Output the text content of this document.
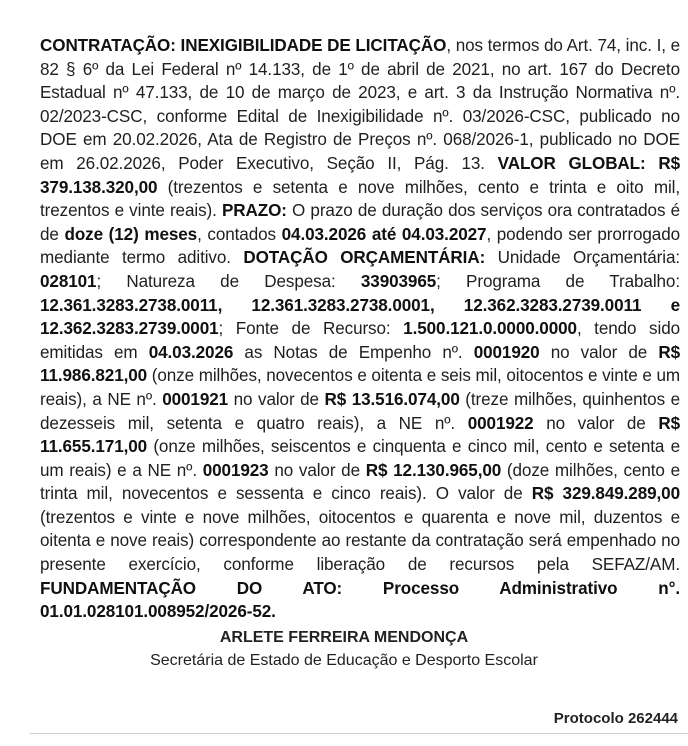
CONTRATAÇÃO: INEXIGIBILIDADE DE LICITAÇÃO, nos termos do Art. 74, inc. I, e 82 § 6º da Lei Federal nº 14.133, de 1º de abril de 2021, no art. 167 do Decreto Estadual nº 47.133, de 10 de março de 2023, e art. 3 da Instrução Normativa nº. 02/2023-CSC, conforme Edital de Inexigibilidade nº. 03/2026-CSC, publicado no DOE em 20.02.2026, Ata de Registro de Preços nº. 068/2026-1, publicado no DOE em 26.02.2026, Poder Executivo, Seção II, Pág. 13. VALOR GLOBAL: R$ 379.138.320,00 (trezentos e setenta e nove milhões, cento e trinta e oito mil, trezentos e vinte reais). PRAZO: O prazo de duração dos serviços ora contratados é de doze (12) meses, contados 04.03.2026 até 04.03.2027, podendo ser prorrogado mediante termo aditivo. DOTAÇÃO ORÇAMENTÁRIA: Unidade Orçamentária: 028101; Natureza de Despesa: 33903965; Programa de Trabalho: 12.361.3283.2738.0011, 12.361.3283.2738.0001, 12.362.3283.2739.0011 e 12.362.3283.2739.0001; Fonte de Recurso: 1.500.121.0.0000.0000, tendo sido emitidas em 04.03.2026 as Notas de Empenho nº. 0001920 no valor de R$ 11.986.821,00 (onze milhões, novecentos e oitenta e seis mil, oitocentos e vinte e um reais), a NE nº. 0001921 no valor de R$ 13.516.074,00 (treze milhões, quinhentos e dezesseis mil, setenta e quatro reais), a NE nº. 0001922 no valor de R$ 11.655.171,00 (onze milhões, seiscentos e cinquenta e cinco mil, cento e setenta e um reais) e a NE nº. 0001923 no valor de R$ 12.130.965,00 (doze milhões, cento e trinta mil, novecentos e sessenta e cinco reais). O valor de R$ 329.849.289,00 (trezentos e vinte e nove milhões, oitocentos e quarenta e nove mil, duzentos e oitenta e nove reais) correspondente ao restante da contratação será empenhado no presente exercício, conforme liberação de recursos pela SEFAZ/AM. FUNDAMENTAÇÃO DO ATO: Processo Administrativo n°. 01.01.028101.008952/2026-52.

ARLETE FERREIRA MENDONÇA
Secretária de Estado de Educação e Desporto Escolar
Protocolo 262444
